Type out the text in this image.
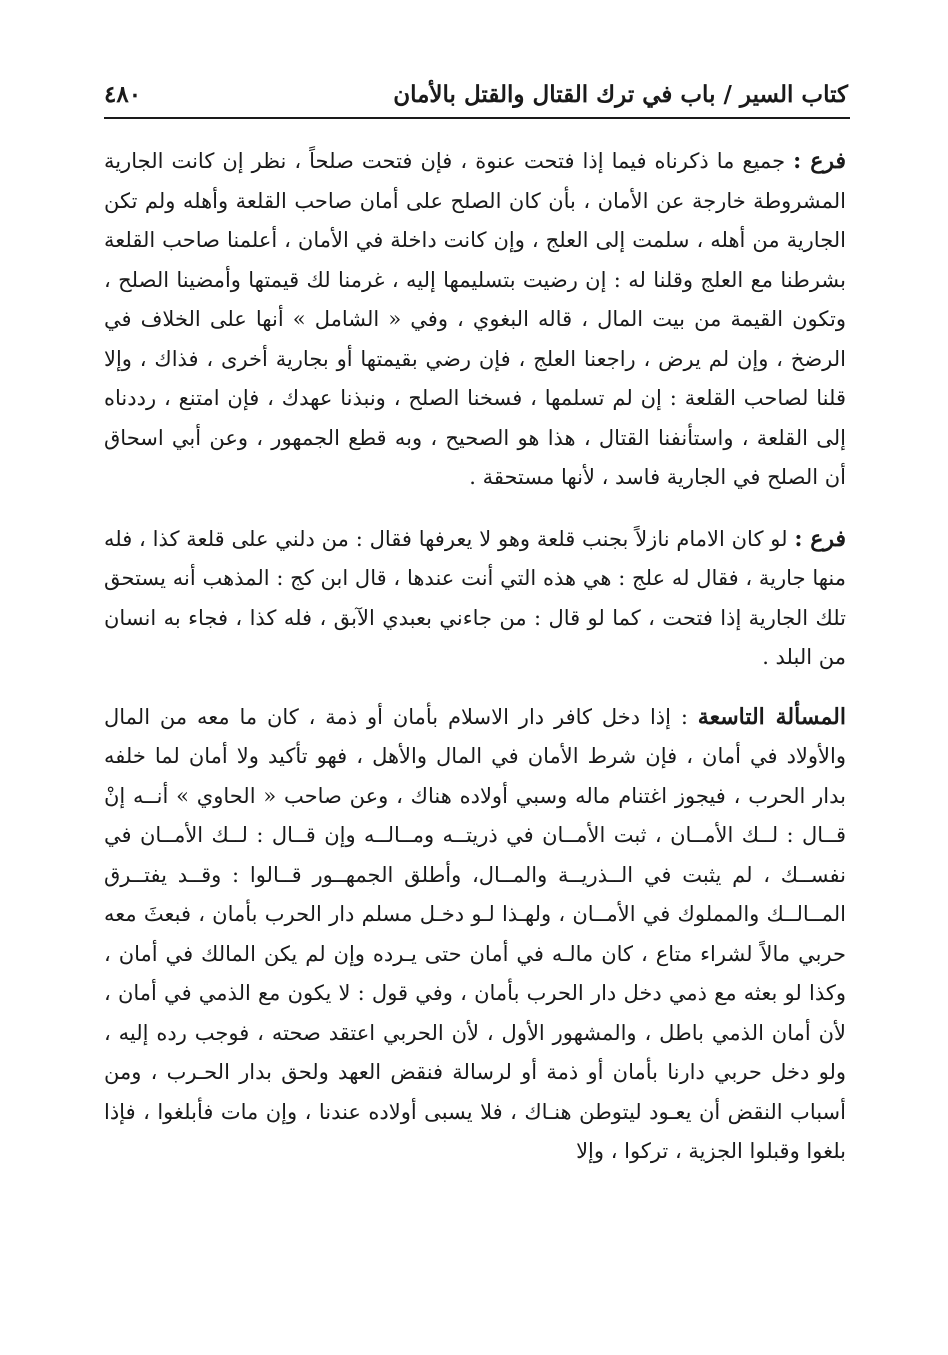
كتاب السير / باب في ترك القتال والقتل بالأمان
٤٨٠

فرع : جميع ما ذكرناه فيما إذا فتحت عنوة ، فإن فتحت صلحاً ، نظر إن كانت الجارية المشروطة خارجة عن الأمان ، بأن كان الصلح على أمان صاحب القلعة وأهله ولم تكن الجارية من أهله ، سلمت إلى العلج ، وإن كانت داخلة في الأمان ، أعلمنا صاحب القلعة بشرطنا مع العلج وقلنا له : إن رضيت بتسليمها إليه ، غرمنا لك قيمتها وأمضينا الصلح ، وتكون القيمة من بيت المال ، قاله البغوي ، وفي « الشامل » أنها على الخلاف في الرضخ ، وإن لم يرض ، راجعنا العلج ، فإن رضي بقيمتها أو بجارية أخرى ، فذاك ، وإلا قلنا لصاحب القلعة : إن لم تسلمها ، فسخنا الصلح ، ونبذنا عهدك ، فإن امتنع ، رددناه إلى القلعة ، واستأنفنا القتال ، هذا هو الصحيح ، وبه قطع الجمهور ، وعن أبي اسحاق أن الصلح في الجارية فاسد ، لأنها مستحقة .

فرع : لو كان الامام نازلاً بجنب قلعة وهو لا يعرفها فقال : من دلني على قلعة كذا ، فله منها جارية ، فقال له علج : هي هذه التي أنت عندها ، قال ابن كج : المذهب أنه يستحق تلك الجارية إذا فتحت ، كما لو قال : من جاءني بعبدي الآبق ، فله كذا ، فجاء به انسان من البلد .

المسألة التاسعة : إذا دخل كافر دار الاسلام بأمان أو ذمة ، كان ما معه من المال والأولاد في أمان ، فإن شرط الأمان في المال والأهل ، فهو تأكيد ولا أمان لما خلفه بدار الحرب ، فيجوز اغتنام ماله وسبي أولاده هناك ، وعن صاحب « الحاوي » أنــه إنْ قــال : لــك الأمــان ، ثبت الأمــان في ذريتــه ومــالــه وإن قــال : لــك الأمــان في نفســك ، لم يثبت في الــذريــة والمــال، وأطلق الجمهــور قــالوا : وقــد يفتــرق المــالــك والمملوك في الأمــان ، ولهـذا لـو دخـل مسلم دار الحرب بأمان ، فبعثَ معه حربي مالاً لشراء متاع ، كان مالـه في أمان حتى يـرده وإن لم يكن المالك في أمان ، وكذا لو بعثه مع ذمي دخل دار الحرب بأمان ، وفي قول : لا يكون مع الذمي في أمان ، لأن أمان الذمي باطل ، والمشهور الأول ، لأن الحربي اعتقد صحته ، فوجب رده إليه ، ولو دخل حربي دارنا بأمان أو ذمة أو لرسالة فنقض العهد ولحق بدار الحـرب ، ومن أسباب النقض أن يعـود ليتوطن هنـاك ، فلا يسبى أولاده عندنا ، وإن مات فأبلغوا ، فإذا بلغوا وقبلوا الجزية ، تركوا ، وإلا
